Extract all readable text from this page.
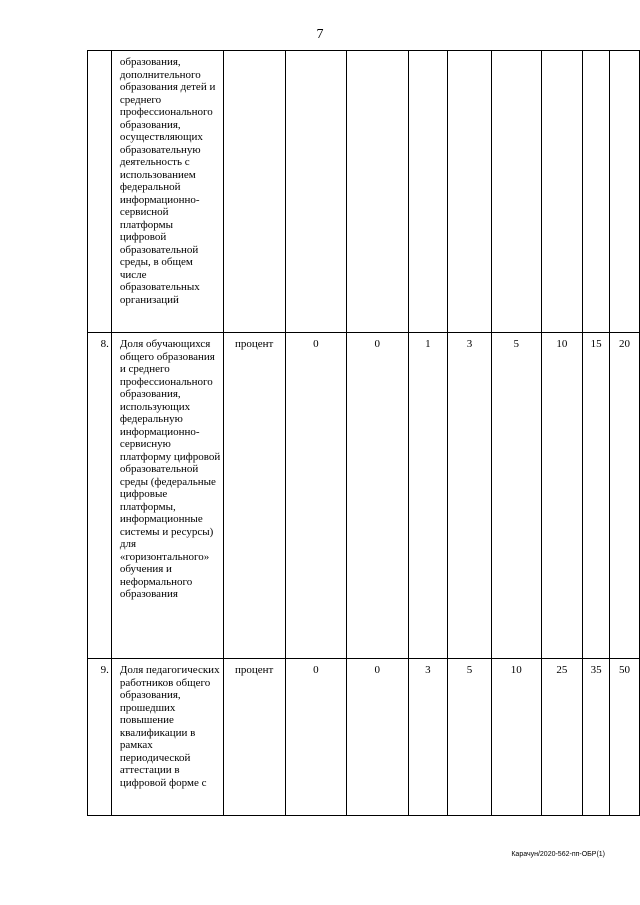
7
	образования, дополнительного образования детей и среднего профессионального образования, осуществляющих образовательную деятельность с использованием федеральной информационно-сервисной платформы цифровой образовательной среды, в общем числе образовательных организаций									
8.	Доля обучающихся общего образования и среднего профессионального образования, использующих федеральную информационно-сервисную платформу цифровой образовательной среды (федеральные цифровые платформы, информационные системы и ресурсы) для «горизонтального» обучения и неформального образования	процент	0	0	1	3	5	10	15	20
9.	Доля педагогических работников общего образования, прошедших повышение квалификации в рамках периодической аттестации в цифровой форме с	процент	0	0	3	5	10	25	35	50
Карачун/2020-562-пп-ОБР(1)
